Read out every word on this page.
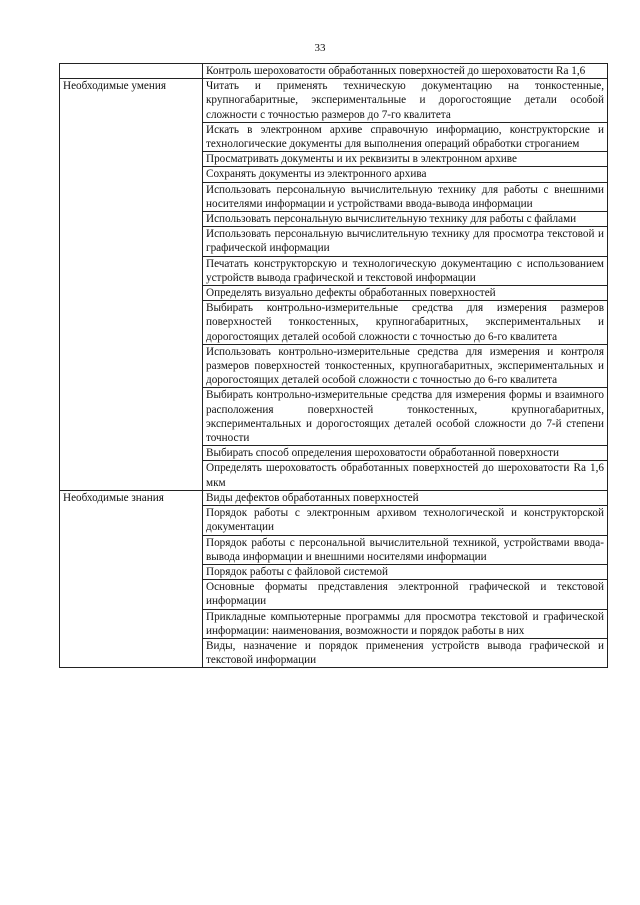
33

	Контроль шероховатости обработанных поверхностей до шероховатости Ra 1,6

Необходимые умения	Читать и применять техническую документацию на тонкостенные, крупногабаритные, экспериментальные и дорогостоящие детали особой сложности с точностью размеров до 7-го квалитета

	Искать в электронном архиве справочную информацию, конструкторские и технологические документы для выполнения операций обработки строганием

	Просматривать документы и их реквизиты в электронном архиве

	Сохранять документы из электронного архива

	Использовать персональную вычислительную технику для работы с внешними носителями информации и устройствами ввода-вывода информации

	Использовать персональную вычислительную технику для работы с файлами

	Использовать персональную вычислительную технику для просмотра текстовой и графической информации

	Печатать конструкторскую и технологическую документацию с использованием устройств вывода графической и текстовой информации

	Определять визуально дефекты обработанных поверхностей

	Выбирать контрольно-измерительные средства для измерения размеров поверхностей тонкостенных, крупногабаритных, экспериментальных и дорогостоящих деталей особой сложности с точностью до 6-го квалитета

	Использовать контрольно-измерительные средства для измерения и контроля размеров поверхностей тонкостенных, крупногабаритных, экспериментальных и дорогостоящих деталей особой сложности с точностью до 6-го квалитета

	Выбирать контрольно-измерительные средства для измерения формы и взаимного расположения поверхностей тонкостенных, крупногабаритных, экспериментальных и дорогостоящих деталей особой сложности до 7-й степени точности

	Выбирать способ определения шероховатости обработанной поверхности

	Определять шероховатость обработанных поверхностей до шероховатости Ra 1,6 мкм

Необходимые знания	Виды дефектов обработанных поверхностей

	Порядок работы с электронным архивом технологической и конструкторской документации

	Порядок работы с персональной вычислительной техникой, устройствами ввода-вывода информации и внешними носителями информации

	Порядок работы с файловой системой

	Основные форматы представления электронной графической и текстовой информации

	Прикладные компьютерные программы для просмотра текстовой и графической информации: наименования, возможности и порядок работы в них

	Виды, назначение и порядок применения устройств вывода графической и текстовой информации
